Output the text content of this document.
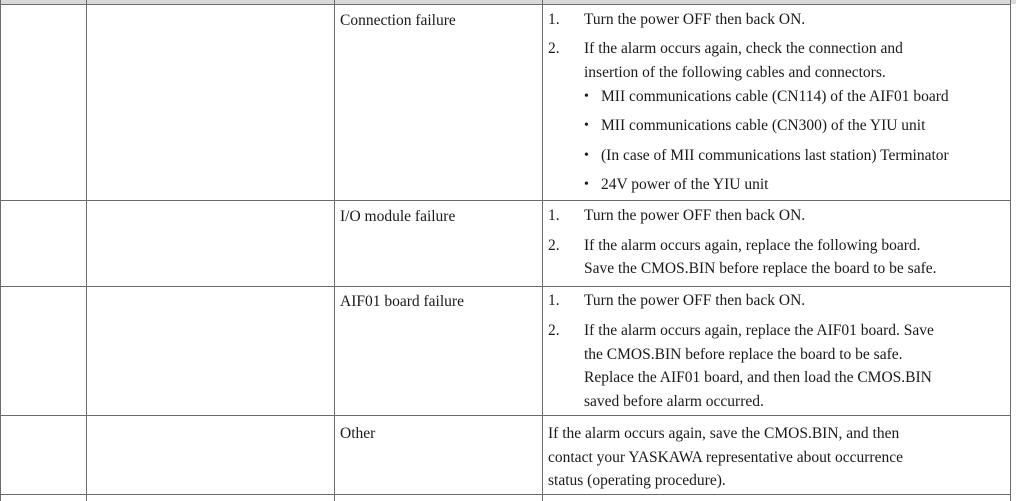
Connection failure	1. Turn the power OFF then back ON.
2. If the alarm occurs again, check the connection and
insertion of the following cables and connectors.
• MII communications cable (CN114) of the AIF01 board
• MII communications cable (CN300) of the YIU unit
• (In case of MII communications last station) Terminator
• 24V power of the YIU unit
I/O module failure	1. Turn the power OFF then back ON.
2. If the alarm occurs again, replace the following board.
Save the CMOS.BIN before replace the board to be safe.
AIF01 board failure	1. Turn the power OFF then back ON.
2. If the alarm occurs again, replace the AIF01 board. Save
the CMOS.BIN before replace the board to be safe.
Replace the AIF01 board, and then load the CMOS.BIN
saved before alarm occurred.
Other	If the alarm occurs again, save the CMOS.BIN, and then
contact your YASKAWA representative about occurrence
status (operating procedure).
